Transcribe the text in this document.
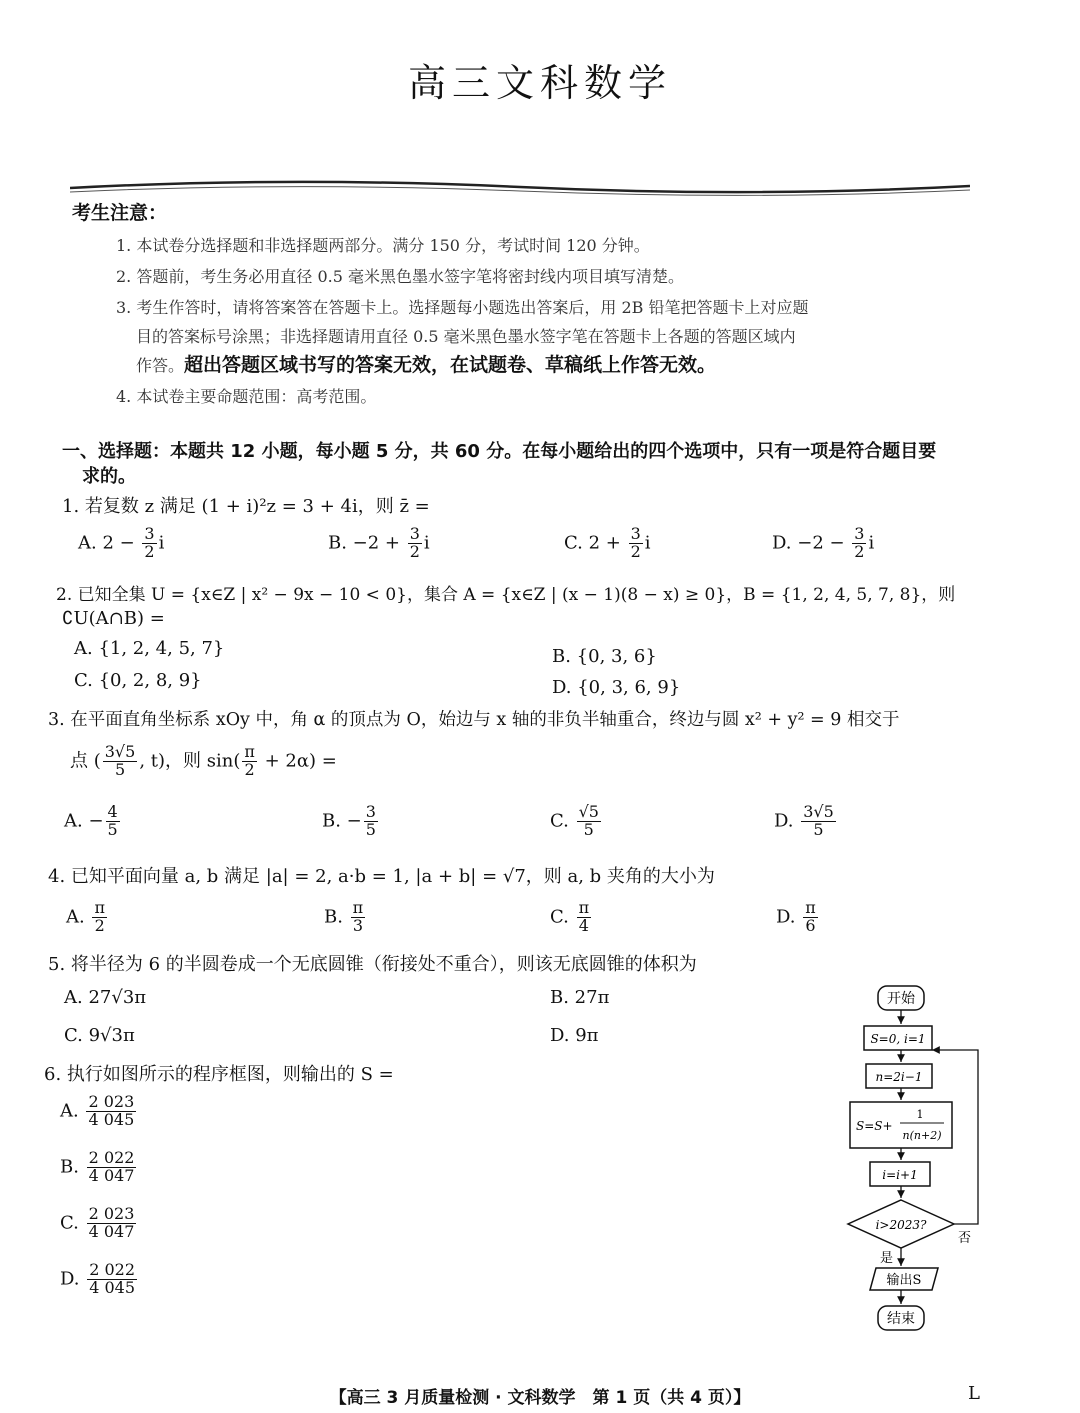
高三文科数学
考生注意：
1. 本试卷分选择题和非选择题两部分。满分 150 分，考试时间 120 分钟。
2. 答题前，考生务必用直径 0.5 毫米黑色墨水签字笔将密封线内项目填写清楚。
3. 考生作答时，请将答案答在答题卡上。选择题每小题选出答案后，用 2B 铅笔把答题卡上对应题
目的答案标号涂黑；非选择题请用直径 0.5 毫米黑色墨水签字笔在答题卡上各题的答题区域内
作答。超出答题区域书写的答案无效，在试题卷、草稿纸上作答无效。
4. 本试卷主要命题范围：高考范围。
一、选择题：本题共 12 小题，每小题 5 分，共 60 分。在每小题给出的四个选项中，只有一项是符合题目要
求的。
1. 若复数 z 满足 (1 + i)²z = 3 + 4i，则 z̄ =
A. $2 - \frac{3}{2}$ i	B. $-2 + \frac{3}{2}$ i	C. $2 + \frac{3}{2}$ i	D. $-2 - \frac{3}{2}$ i
2. 已知全集 U = {x∈Z | x² − 9x − 10 < 0}，集合 A = {x∈Z | (x − 1)(8 − x) ≥ 0}，B = {1, 2, 4, 5, 7, 8}，则
∁U(A∩B) =
A. {1, 2, 4, 5, 7}	B. {0, 3, 6}
C. {0, 2, 8, 9}	D. {0, 3, 6, 9}
3. 在平面直角坐标系 xOy 中，角 α 的顶点为 O，始边与 x 轴的非负半轴重合，终边与圆 x² + y² = 9 相交于
点 ( $\frac{3√5}{5}$ , t)，则 $\sin( \frac{\pi}{2} + 2\alpha)$ =
A. − $\frac{4}{5}$	B. − $\frac{3}{5}$	C. $\frac{√5}{5}$	D. $\frac{3√5}{5}$
4. 已知平面向量 a, b 满足 |a| = 2, a·b = 1, |a + b| = √7，则 a, b 夹角的大小为
A. $\frac{\pi}{2}$	B. $\frac{\pi}{3}$	C. $\frac{\pi}{4}$	D. $\frac{\pi}{6}$
5. 将半径为 6 的半圆卷成一个无底圆锥（衔接处不重合），则该无底圆锥的体积为
A. 27√3π	B. 27π
C. 9√3π	D. 9π
6. 执行如图所示的程序框图，则输出的 S =
A. $\frac{2 023}{4 045}$
B. $\frac{2 022}{4 047}$
C. $\frac{2 023}{4 047}$
D. $\frac{2 022}{4 045}$
开始
S=0, i=1
n=2i−1
S=S+
1
n(n+2)
i=i+1
i>2023?
否
是
输出S
结束
【高三 3 月质量检测 · 文科数学　第 1 页（共 4 页）】	L
